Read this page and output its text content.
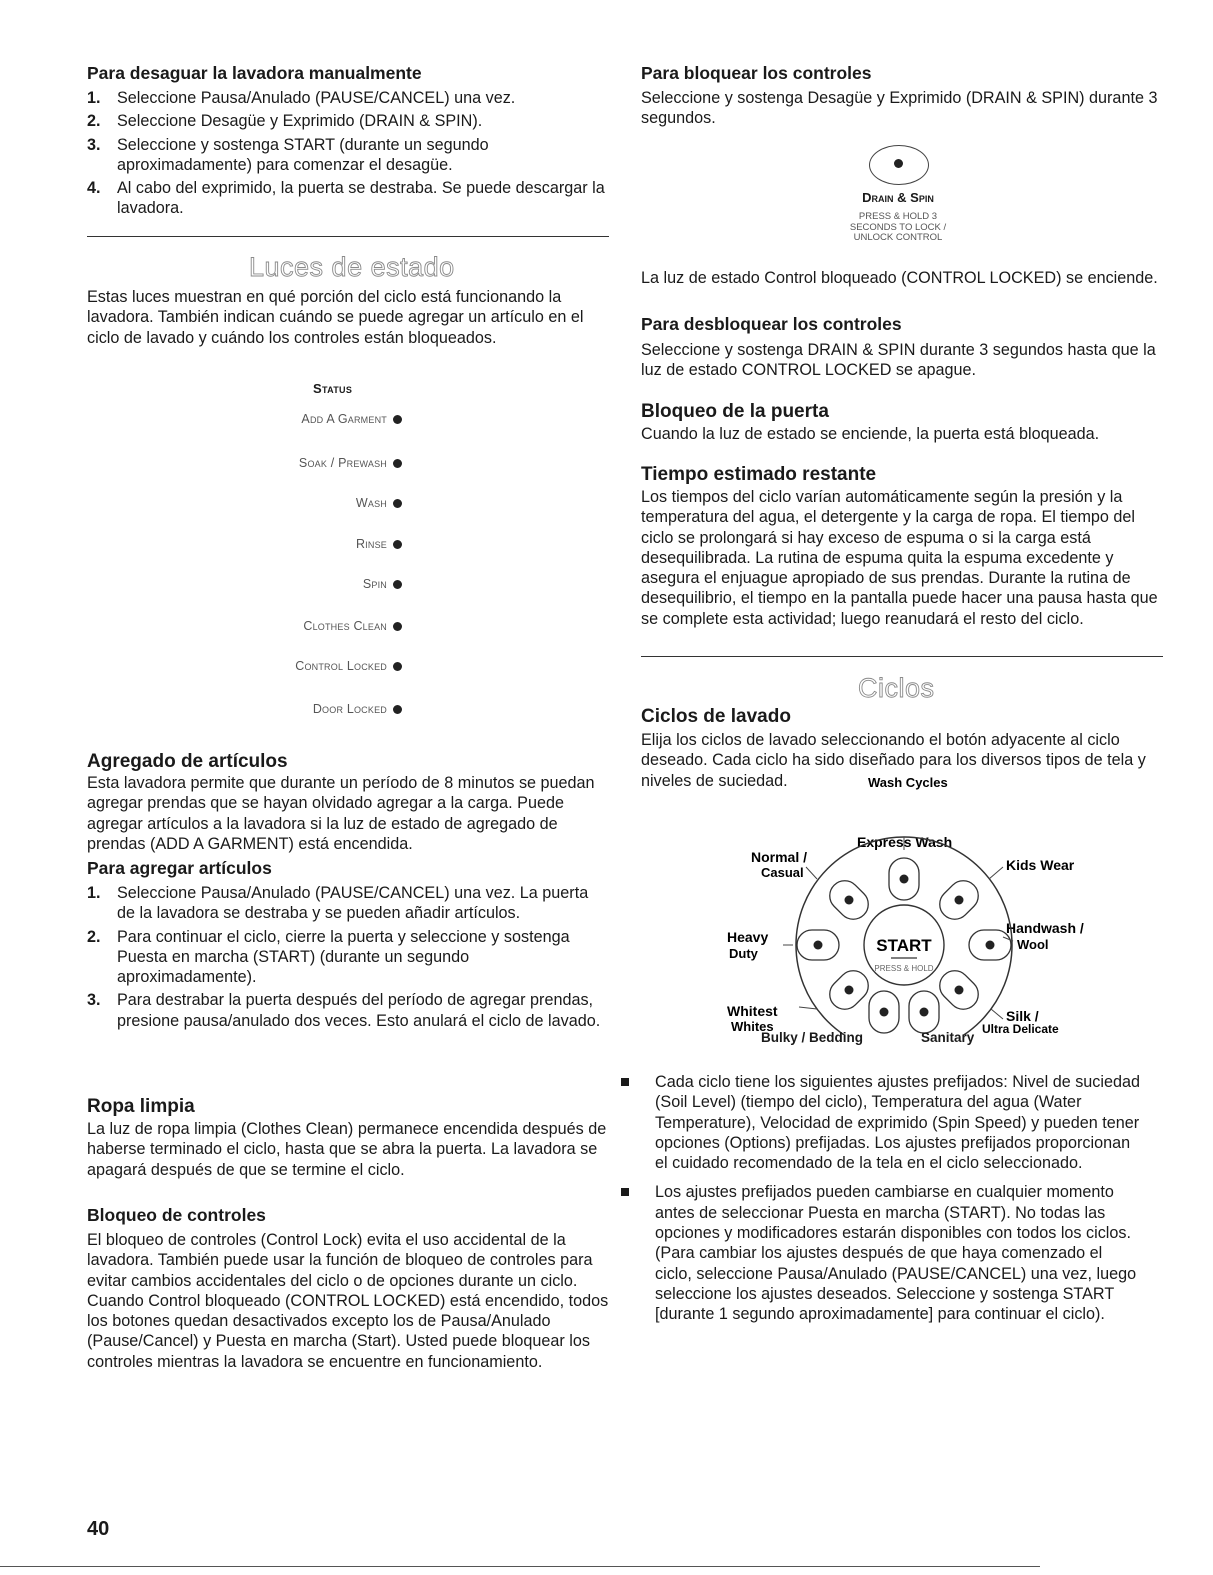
Para desaguar la lavadora manualmente
1. Seleccione Pausa/Anulado (PAUSE/CANCEL) una vez.
2. Seleccione Desagüe y Exprimido (DRAIN & SPIN).
3. Seleccione y sostenga START (durante un segundo aproximadamente) para comenzar el desagüe.
4. Al cabo del exprimido, la puerta se destraba. Se puede descargar la lavadora.
Luces de estado
Estas luces muestran en qué porción del ciclo está funcionando la lavadora. También indican cuándo se puede agregar un artículo en el ciclo de lavado y cuándo los controles están bloqueados.
Status
Add A Garment
Soak / Prewash
Wash
Rinse
Spin
Clothes Clean
Control Locked
Door Locked
Agregado de artículos
Esta lavadora permite que durante un período de 8 minutos se puedan agregar prendas que se hayan olvidado agregar a la carga. Puede agregar artículos a la lavadora si la luz de estado de agregado de prendas (ADD A GARMENT) está encendida.
Para agregar artículos
1. Seleccione Pausa/Anulado (PAUSE/CANCEL) una vez. La puerta de la lavadora se destraba y se pueden añadir artículos.
2. Para continuar el ciclo, cierre la puerta y seleccione y sostenga Puesta en marcha (START) (durante un segundo aproximadamente).
3. Para destrabar la puerta después del período de agregar prendas, presione pausa/anulado dos veces. Esto anulará el ciclo de lavado.
Ropa limpia
La luz de ropa limpia (Clothes Clean) permanece encendida después de haberse terminado el ciclo, hasta que se abra la puerta. La lavadora se apagará después de que se termine el ciclo.
Bloqueo de controles
El bloqueo de controles (Control Lock) evita el uso accidental de la lavadora. También puede usar la función de bloqueo de controles para evitar cambios accidentales del ciclo o de opciones durante un ciclo. Cuando Control bloqueado (CONTROL LOCKED) está encendido, todos los botones quedan desactivados excepto los de Pausa/Anulado (Pause/Cancel) y Puesta en marcha (Start). Usted puede bloquear los controles mientras la lavadora se encuentre en funcionamiento.
Para bloquear los controles
Seleccione y sostenga Desagüe y Exprimido (DRAIN & SPIN) durante 3 segundos.
Drain & Spin
PRESS & HOLD 3
SECONDS TO LOCK /
UNLOCK CONTROL
La luz de estado Control bloqueado (CONTROL LOCKED) se enciende.
Para desbloquear los controles
Seleccione y sostenga DRAIN & SPIN durante 3 segundos hasta que la luz de estado CONTROL LOCKED se apague.
Bloqueo de la puerta
Cuando la luz de estado se enciende, la puerta está bloqueada.
Tiempo estimado restante
Los tiempos del ciclo varían automáticamente según la presión y la temperatura del agua, el detergente y la carga de ropa. El tiempo del ciclo se prolongará si hay exceso de espuma o si la carga está desequilibrada. La rutina de espuma quita la espuma excedente y asegura el enjuague apropiado de sus prendas. Durante la rutina de desequilibrio, el tiempo en la pantalla puede hacer una pausa hasta que se complete esta actividad; luego reanudará el resto del ciclo.
Ciclos
Ciclos de lavado
Elija los ciclos de lavado seleccionando el botón adyacente al ciclo deseado. Cada ciclo ha sido diseñado para los diversos tipos de tela y niveles de suciedad.	Wash Cycles
Express Wash
Normal /
Casual	Kids Wear
Heavy
Duty
Handwash /
Wool
Whitest
Whites
Silk /
Ultra Delicate
START
PRESS & HOLD
Bulky / Bedding	Sanitary
Cada ciclo tiene los siguientes ajustes prefijados: Nivel de suciedad (Soil Level) (tiempo del ciclo), Temperatura del agua (Water Temperature), Velocidad de exprimido (Spin Speed) y pueden tener opciones (Options) prefijadas. Los ajustes prefijados proporcionan el cuidado recomendado de la tela en el ciclo seleccionado.
Los ajustes prefijados pueden cambiarse en cualquier momento antes de seleccionar Puesta en marcha (START). No todas las opciones y modificadores estarán disponibles con todos los ciclos. (Para cambiar los ajustes después de que haya comenzado el ciclo, seleccione Pausa/Anulado (PAUSE/CANCEL) una vez, luego seleccione los ajustes deseados. Seleccione y sostenga START [durante 1 segundo aproximadamente] para continuar el ciclo).
40
